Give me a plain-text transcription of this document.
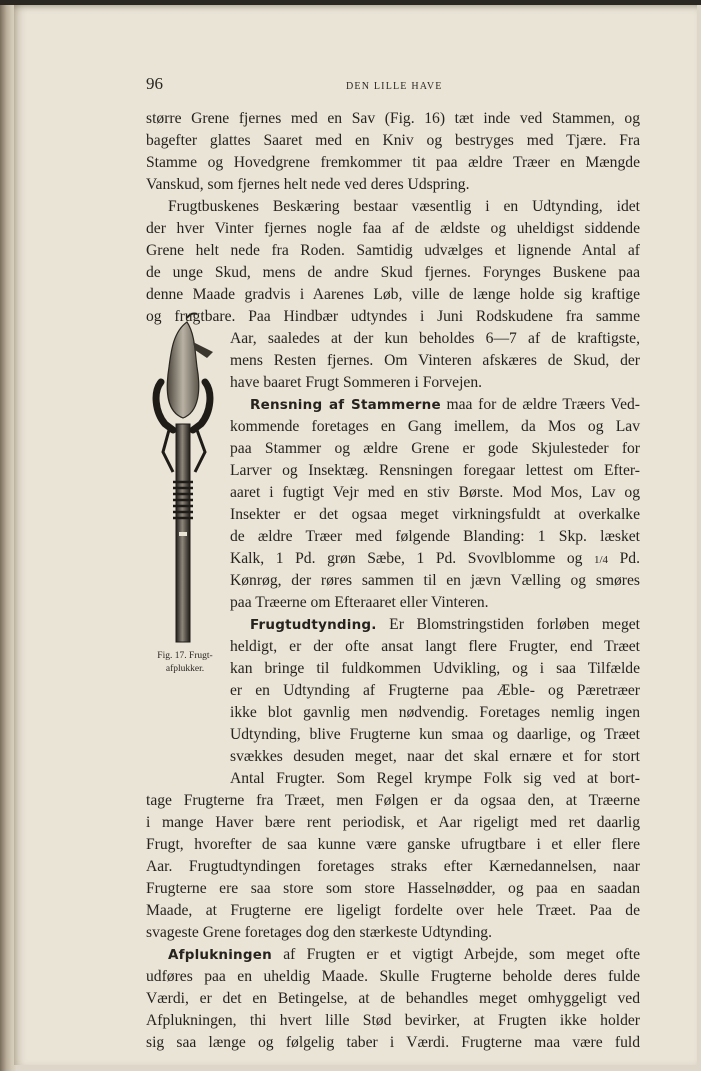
96	DEN LILLE HAVE
større Grene fjernes med en Sav (Fig. 16) tæt inde ved Stammen, og
bagefter glattes Saaret med en Kniv og bestryges med Tjære. Fra
Stamme og Hovedgrene fremkommer tit paa ældre Træer en Mængde
Vanskud, som fjernes helt nede ved deres Udspring.
Frugtbuskenes Beskæring bestaar væsentlig i en Udtynding, idet
der hver Vinter fjernes nogle faa af de ældste og uheldigst siddende
Grene helt nede fra Roden. Samtidig udvælges et lignende Antal af
de unge Skud, mens de andre Skud fjernes. Forynges Buskene paa
denne Maade gradvis i Aarenes Løb, ville de længe holde sig kraftige
og frugtbare. Paa Hindbær udtyndes i Juni Rodskudene fra samme
Aar, saaledes at der kun beholdes 6—7 af de kraftigste,
mens Resten fjernes. Om Vinteren afskæres de Skud, der
have baaret Frugt Sommeren i Forvejen.
Rensning af Stammerne maa for de ældre Træers Ved-
kommende foretages en Gang imellem, da Mos og Lav
paa Stammer og ældre Grene er gode Skjulesteder for
Larver og Insektæg. Rensningen foregaar lettest om Efter-
aaret i fugtigt Vejr med en stiv Børste. Mod Mos, Lav og
Insekter er det ogsaa meget virkningsfuldt at overkalke
de ældre Træer med følgende Blanding: 1 Skp. læsket
Kalk, 1 Pd. grøn Sæbe, 1 Pd. Svovlblomme og 1/4 Pd.
Kønrøg, der røres sammen til en jævn Vælling og smøres
paa Træerne om Efteraaret eller Vinteren.
Frugtudtynding. Er Blomstringstiden forløben meget
heldigt, er der ofte ansat langt flere Frugter, end Træet
kan bringe til fuldkommen Udvikling, og i saa Tilfælde
er en Udtynding af Frugterne paa Æble- og Pæretræer
ikke blot gavnlig men nødvendig. Foretages nemlig ingen
Udtynding, blive Frugterne kun smaa og daarlige, og Træet
svækkes desuden meget, naar det skal ernære et for stort
Antal Frugter. Som Regel krympe Folk sig ved at bort-
tage Frugterne fra Træet, men Følgen er da ogsaa den, at Træerne
i mange Haver bære rent periodisk, et Aar rigeligt med ret daarlig
Frugt, hvorefter de saa kunne være ganske ufrugtbare i et eller flere
Aar. Frugtudtyndingen foretages straks efter Kærnedannelsen, naar
Frugterne ere saa store som store Hasselnødder, og paa en saadan
Maade, at Frugterne ere ligeligt fordelte over hele Træet. Paa de
svageste Grene foretages dog den stærkeste Udtynding.
Afplukningen af Frugten er et vigtigt Arbejde, som meget ofte
udføres paa en uheldig Maade. Skulle Frugterne beholde deres fulde
Værdi, er det en Betingelse, at de behandles meget omhyggeligt ved
Afplukningen, thi hvert lille Stød bevirker, at Frugten ikke holder
sig saa længe og følgelig taber i Værdi. Frugterne maa være fuld
Fig. 17. Frugt-
afplukker.
